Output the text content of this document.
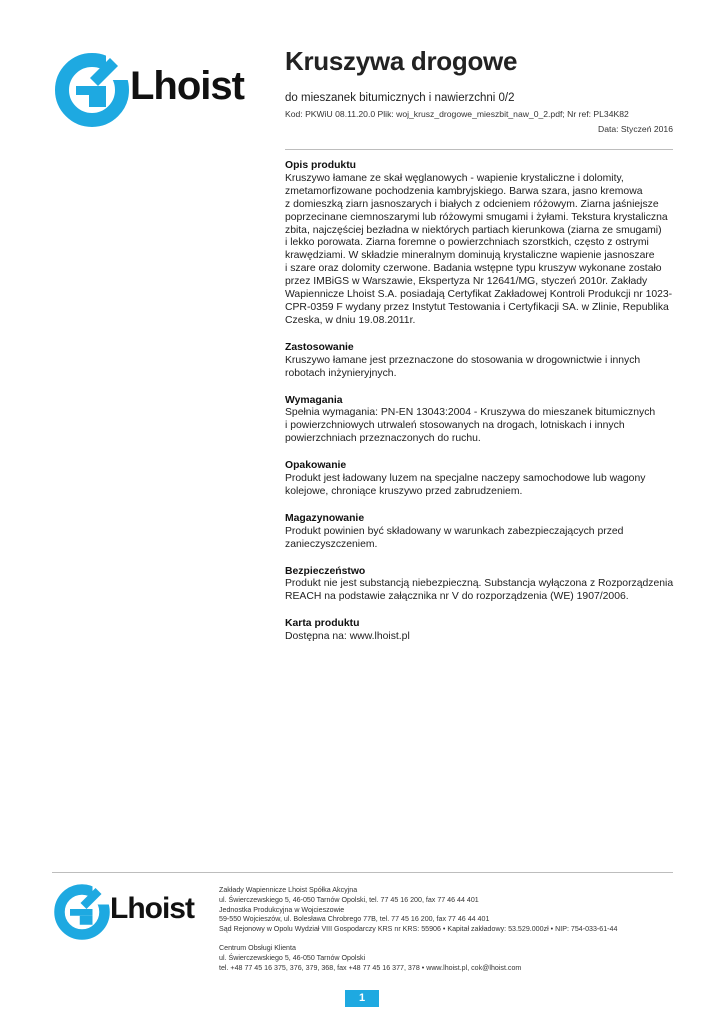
Lhoist
Kruszywa drogowe
do mieszanek bitumicznych i nawierzchni 0/2
Kod: PKWiU 08.11.20.0 Plik: woj_krusz_drogowe_mieszbit_naw_0_2.pdf; Nr ref: PL34K82
Data: Styczeń 2016
Opis produktu

Kruszywo łamane ze skał węglanowych - wapienie krystaliczne i dolomity,
zmetamorfizowane pochodzenia kambryjskiego. Barwa szara, jasno kremowa
z domieszką ziarn jasnoszarych i białych z odcieniem różowym. Ziarna jaśniejsze
poprzecinane ciemnoszarymi lub różowymi smugami i żyłami. Tekstura krystaliczna
zbita, najczęściej bezładna w niektórych partiach kierunkowa (ziarna ze smugami)
i lekko porowata. Ziarna foremne o powierzchniach szorstkich, często z ostrymi
krawędziami. W składzie mineralnym dominują krystaliczne wapienie jasnoszare
i szare oraz dolomity czerwone. Badania wstępne typu kruszyw wykonane zostało
przez IMBiGS w Warszawie, Ekspertyza Nr 12641/MG, styczeń 2010r. Zakłady
Wapiennicze Lhoist S.A. posiadają Certyfikat Zakładowej Kontroli Produkcji nr 1023-
CPR-0359 F wydany przez Instytut Testowania i Certyfikacji SA. w Zlinie, Republika
Czeska, w dniu 19.08.2011r.

Zastosowanie

Kruszywo łamane jest przeznaczone do stosowania w drogownictwie i innych
robotach inżynieryjnych.

Wymagania

Spełnia wymagania: PN-EN 13043:2004 - Kruszywa do mieszanek bitumicznych
i powierzchniowych utrwaleń stosowanych na drogach, lotniskach i innych
powierzchniach przeznaczonych do ruchu.

Opakowanie

Produkt jest ładowany luzem na specjalne naczepy samochodowe lub wagony
kolejowe, chroniące kruszywo przed zabrudzeniem.

Magazynowanie

Produkt powinien być składowany w warunkach zabezpieczających przed
zanieczyszczeniem.

Bezpieczeństwo

Produkt nie jest substancją niebezpieczną. Substancja wyłączona z Rozporządzenia
REACH na podstawie załącznika nr V do rozporządzenia (WE) 1907/2006.

Karta produktu

Dostępna na: www.lhoist.pl

Lhoist
Zakłady Wapiennicze Lhoist Spółka Akcyjna
ul. Świerczewskiego 5, 46-050 Tarnów Opolski, tel. 77 45 16 200, fax 77 46 44 401
Jednostka Produkcyjna w Wojcieszowie
59-550 Wojcieszów, ul. Bolesława Chrobrego 77B, tel. 77 45 16 200, fax 77 46 44 401
Sąd Rejonowy w Opolu Wydział VIII Gospodarczy KRS nr KRS: 55906 • Kapitał zakładowy: 53.529.000zł • NIP: 754-033-61-44
Centrum Obsługi Klienta
ul. Świerczewskiego 5, 46-050 Tarnów Opolski
tel. +48 77 45 16 375, 376, 379, 368, fax +48 77 45 16 377, 378 • www.lhoist.pl, cok@lhoist.com
1
